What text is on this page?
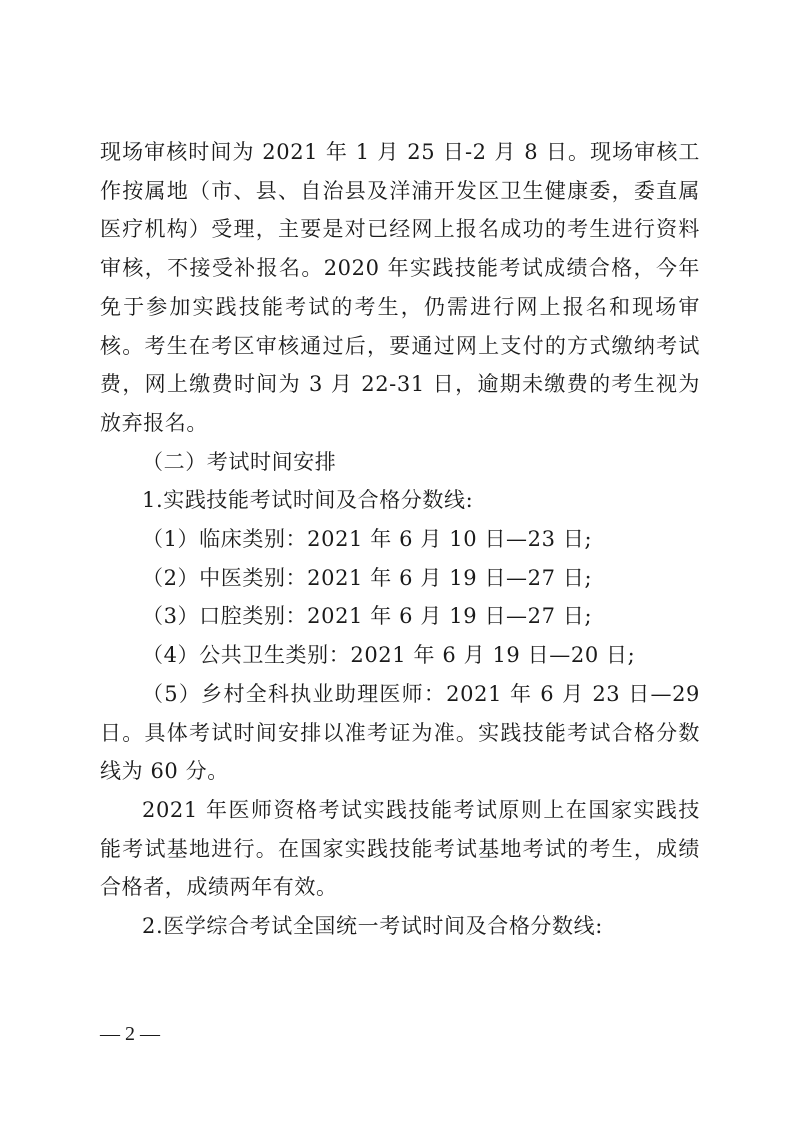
现场审核时间为 2021 年 1 月 25 日-2 月 8 日。现场审核工作按属地（市、县、自治县及洋浦开发区卫生健康委，委直属医疗机构）受理，主要是对已经网上报名成功的考生进行资料审核，不接受补报名。2020 年实践技能考试成绩合格，今年免于参加实践技能考试的考生，仍需进行网上报名和现场审核。考生在考区审核通过后，要通过网上支付的方式缴纳考试费，网上缴费时间为 3 月 22-31 日，逾期未缴费的考生视为放弃报名。

（二）考试时间安排

1.实践技能考试时间及合格分数线:

（1）临床类别：2021 年 6 月 10 日—23 日;

（2）中医类别：2021 年 6 月 19 日—27 日;

（3）口腔类别：2021 年 6 月 19 日—27 日;

（4）公共卫生类别：2021 年 6 月 19 日—20 日;

（5）乡村全科执业助理医师：2021 年 6 月 23 日—29 日。具体考试时间安排以准考证为准。实践技能考试合格分数线为 60 分。

2021 年医师资格考试实践技能考试原则上在国家实践技能考试基地进行。在国家实践技能考试基地考试的考生，成绩合格者，成绩两年有效。

2.医学综合考试全国统一考试时间及合格分数线:

— 2 —
